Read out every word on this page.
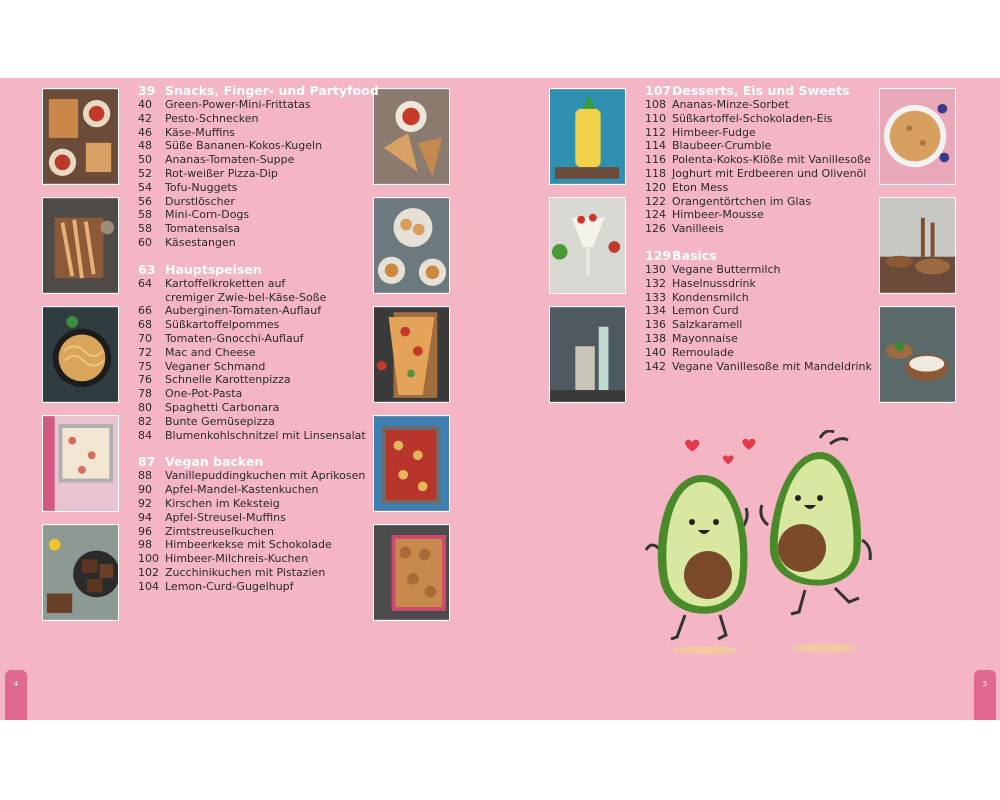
39 Snacks, Finger- und Partyfood
40 Green-Power-Mini-Frittatas
42 Pesto-Schnecken
46 Käse-Muffins
48 Süße Bananen-Kokos-Kugeln
50 Ananas-Tomaten-Suppe
52 Rot-weißer Pizza-Dip
54 Tofu-Nuggets
56 Durstlöscher
58 Mini-Corn-Dogs
58 Tomatensalsa
60 Käsestangen
63 Hauptspeisen
64 Kartoffelkroketten auf cremiger Zwie-bel-Käse-Soße
66 Auberginen-Tomaten-Auflauf
68 Süßkartoffelpommes
70 Tomaten-Gnocchi-Auflauf
72 Mac and Cheese
75 Veganer Schmand
76 Schnelle Karottenpizza
78 One-Pot-Pasta
80 Spaghetti Carbonara
82 Bunte Gemüsepizza
84 Blumenkohlschnitzel mit Linsensalat
87 Vegan backen
88 Vanillepuddingkuchen mit Aprikosen
90 Apfel-Mandel-Kastenkuchen
92 Kirschen im Keksteig
94 Apfel-Streusel-Muffins
96 Zimtstreuselkuchen
98 Himbeerkekse mit Schokolade
100 Himbeer-Milchreis-Kuchen
102 Zucchinikuchen mit Pistazien
104 Lemon-Curd-Gugelhupf
107Desserts, Eis und Sweets
108 Ananas-Minze-Sorbet
110 Süßkartoffel-Schokoladen-Eis
112 Himbeer-Fudge
114 Blaubeer-Crumble
116 Polenta-Kokos-Klöße mit Vanillesoße
118 Joghurt mit Erdbeeren und Olivenöl
120 Eton Mess
122 Orangentörtchen im Glas
124 Himbeer-Mousse
126 Vanilleeis
129Basics
130 Vegane Buttermilch
132 Haselnussdrink
133 Kondensmilch
134 Lemon Curd
136 Salzkaramell
138 Mayonnaise
140 Remoulade
142 Vegane Vanillesoße mit Mandeldrink
4	5
